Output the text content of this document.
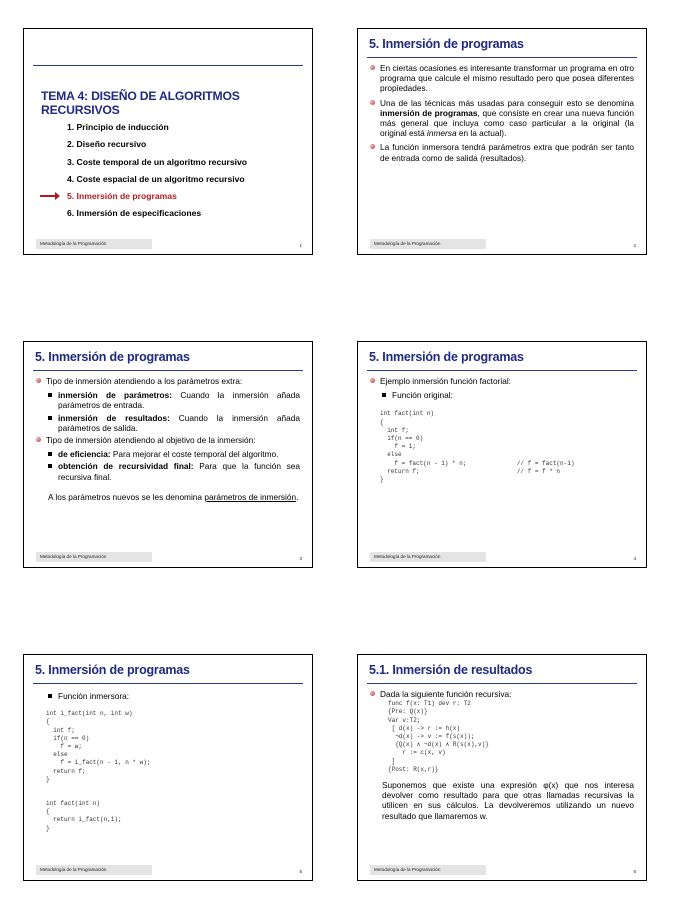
TEMA 4: DISEÑO DE ALGORITMOS RECURSIVOS
1. Principio de inducción
2. Diseño recursivo
3. Coste temporal de un algoritmo recursivo
4. Coste espacial de un algoritmo recursivo
5. Inmersión de programas
6. Inmersión de especificaciones
Metodología de la Programación	1
5. Inmersión de programas
En ciertas ocasiones es interesante transformar un programa en otro programa que calcule el mismo resultado pero que posea diferentes propiedades.
Una de las técnicas más usadas para conseguir esto se denomina inmersión de programas, que consiste en crear una nueva función más general que incluya como caso particular a la original (la original está inmersa en la actual).
La función inmersora tendrá parámetros extra que podrán ser tanto de entrada como de salida (resultados).
Metodología de la Programación	2
5. Inmersión de programas
Tipo de inmersión atendiendo a los parámetros extra:
inmersión de parámetros: Cuando la inmersión añada parámetros de entrada.
inmersión de resultados: Cuando la inmersión añada parámetros de salida.
Tipo de inmersión atendiendo al objetivo de la inmersión:
de eficiencia: Para mejorar el coste temporal del algoritmo.
obtención de recursividad final: Para que la función sea recursiva final.
A los parámetros nuevos se les denomina parámetros de inmersión.
Metodología de la Programación	3
5. Inmersión de programas
Ejemplo inmersión función factorial:
Función original:
int fact(int n)
{
int f;
if(n == 0)
f = 1;
else
f = fact(n - 1) * n;              // f = fact(n-1)
return f;                           // f = f * n
}
Metodología de la Programación	4
5. Inmersión de programas
Función inmersora:
int i_fact(int n, int w)
{
int f;
if(n == 0)
f = w;
else
f = i_fact(n - 1, n * w);
return f;
}
int fact(int n)
{
return i_fact(n,1);
}
Metodología de la Programación	5
5.1. Inmersión de resultados
Dada la siguiente función recursiva:
func f(x: T1) dev r: T2
{Pre: Q(x)}
Var v:T2;
[ d(x) -> r := h(x)
¬d(x) -> v := f(s(x));
{Q(x) ∧ ¬d(x) ∧ R(s(x),v)}
r := c(x, v)
]
{Post: R(x,r)}
Suponemos que existe una expresión φ(x) que nos interesa devolver como resultado para que otras llamadas recursivas la utilicen en sus cálculos. La devolveremos utilizando un nuevo resultado que llamaremos w.
Metodología de la Programación	6
